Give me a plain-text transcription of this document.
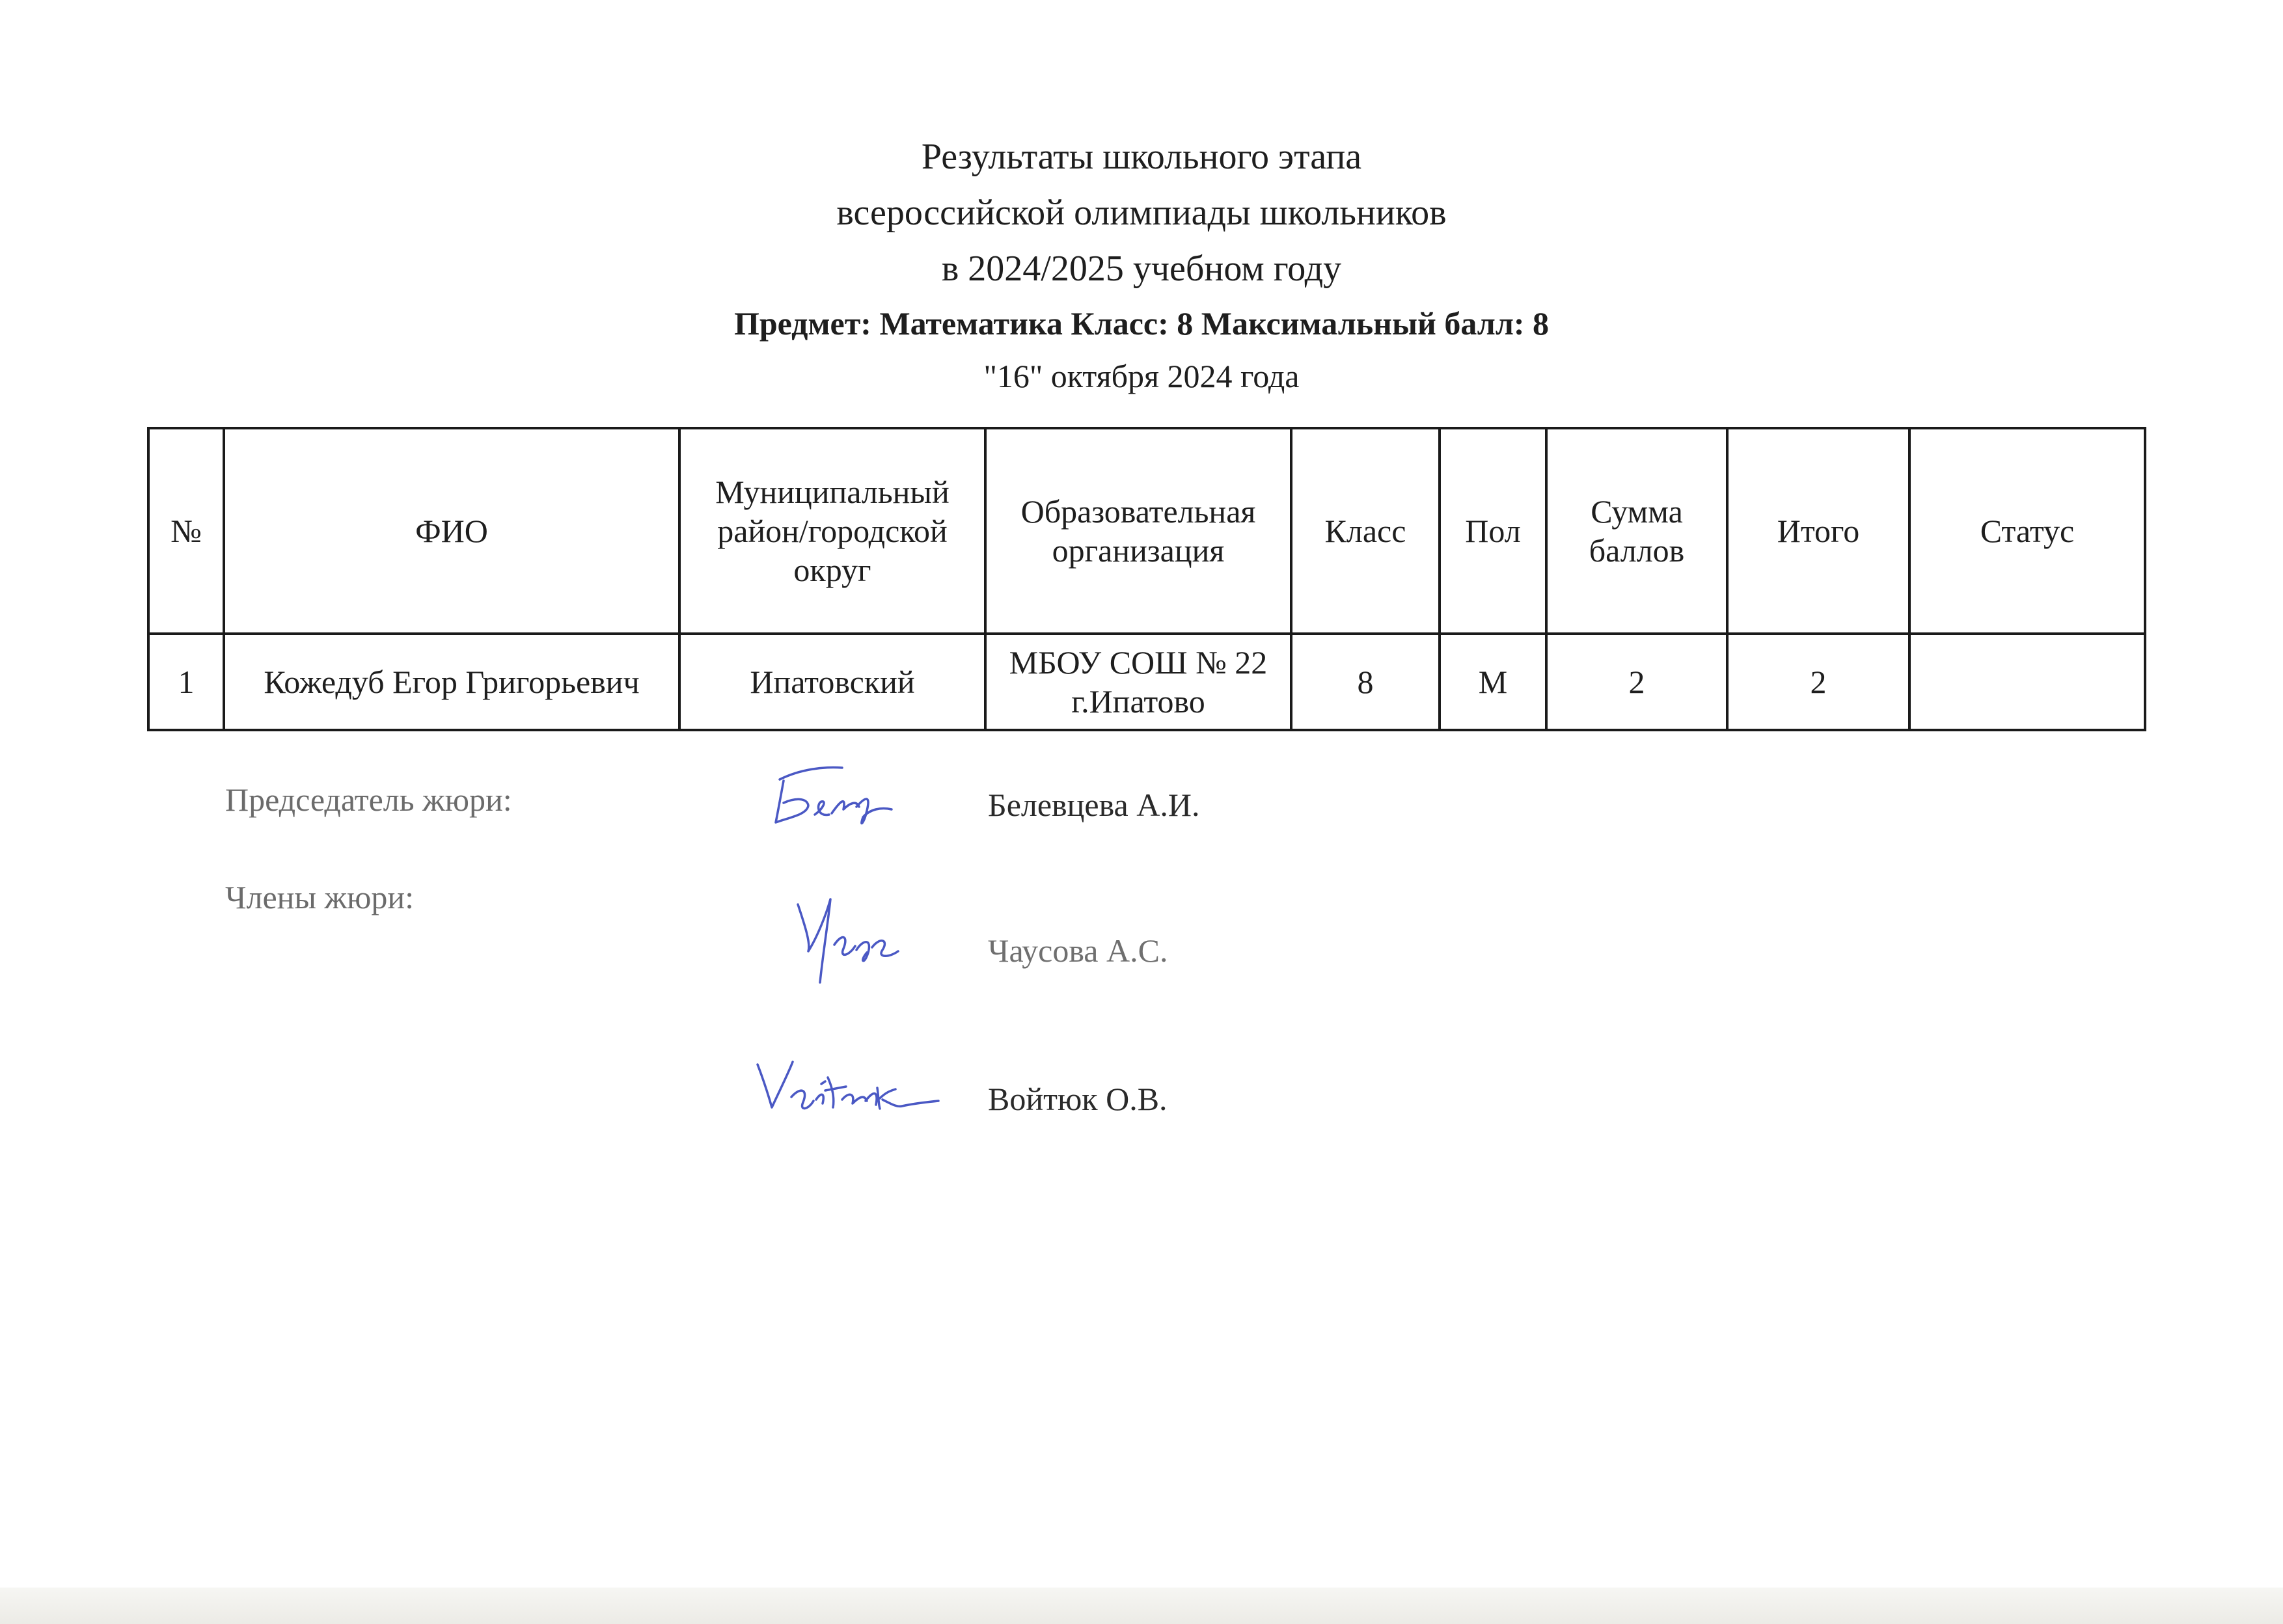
Результаты школьного этапа
всероссийской олимпиады школьников
в 2024/2025 учебном году
Предмет: Математика Класс: 8 Максимальный балл: 8
"16" октября 2024 года
№	ФИО	Муниципальный район/городской округ	Образовательная организация	Класс	Пол	Сумма баллов	Итого	Статус
1	Кожедуб Егор Григорьевич	Ипатовский	МБОУ СОШ № 22 г.Ипатово	8	М	2	2	
Председатель жюри:	Белевцева А.И.
Члены жюри:
Чаусова А.С.
Войтюк О.В.
